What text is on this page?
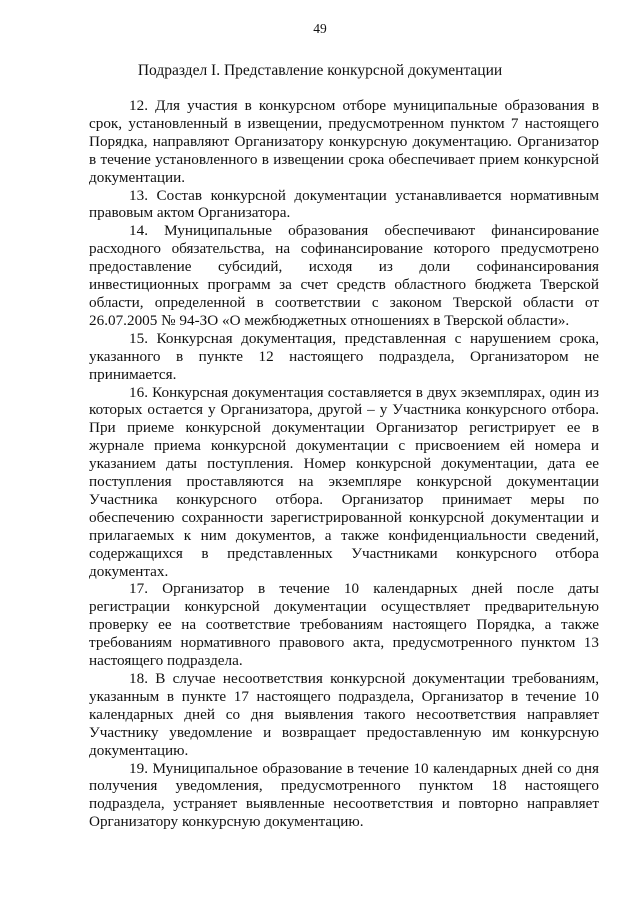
49
Подраздел I. Представление конкурсной документации

12. Для участия в конкурсном отборе муниципальные образования в срок, установленный в извещении, предусмотренном пунктом 7 настоящего Порядка, направляют Организатору конкурсную документацию. Организатор в течение установленного в извещении срока обеспечивает прием конкурсной документации.

13. Состав конкурсной документации устанавливается нормативным правовым актом Организатора.

14. Муниципальные образования обеспечивают финансирование расходного обязательства, на софинансирование которого предусмотрено предоставление субсидий, исходя из доли софинансирования инвестиционных программ за счет средств областного бюджета Тверской области, определенной в соответствии с законом Тверской области от 26.07.2005 № 94-ЗО «О межбюджетных отношениях в Тверской области».

15. Конкурсная документация, представленная с нарушением срока, указанного в пункте 12 настоящего подраздела, Организатором не принимается.

16. Конкурсная документация составляется в двух экземплярах, один из которых остается у Организатора, другой – у Участника конкурсного отбора. При приеме конкурсной документации Организатор регистрирует ее в журнале приема конкурсной документации с присвоением ей номера и указанием даты поступления. Номер конкурсной документации, дата ее поступления проставляются на экземпляре конкурсной документации Участника конкурсного отбора. Организатор принимает меры по обеспечению сохранности зарегистрированной конкурсной документации и прилагаемых к ним документов, а также конфиденциальности сведений, содержащихся в представленных Участниками конкурсного отбора документах.

17. Организатор в течение 10 календарных дней после даты регистрации конкурсной документации осуществляет предварительную проверку ее на соответствие требованиям настоящего Порядка, а также требованиям нормативного правового акта, предусмотренного пунктом 13 настоящего подраздела.

18. В случае несоответствия конкурсной документации требованиям, указанным в пункте 17 настоящего подраздела, Организатор в течение 10 календарных дней со дня выявления такого несоответствия направляет Участнику уведомление и возвращает предоставленную им конкурсную документацию.

19. Муниципальное образование в течение 10 календарных дней со дня получения уведомления, предусмотренного пунктом 18 настоящего подраздела, устраняет выявленные несоответствия и повторно направляет Организатору конкурсную документацию.
